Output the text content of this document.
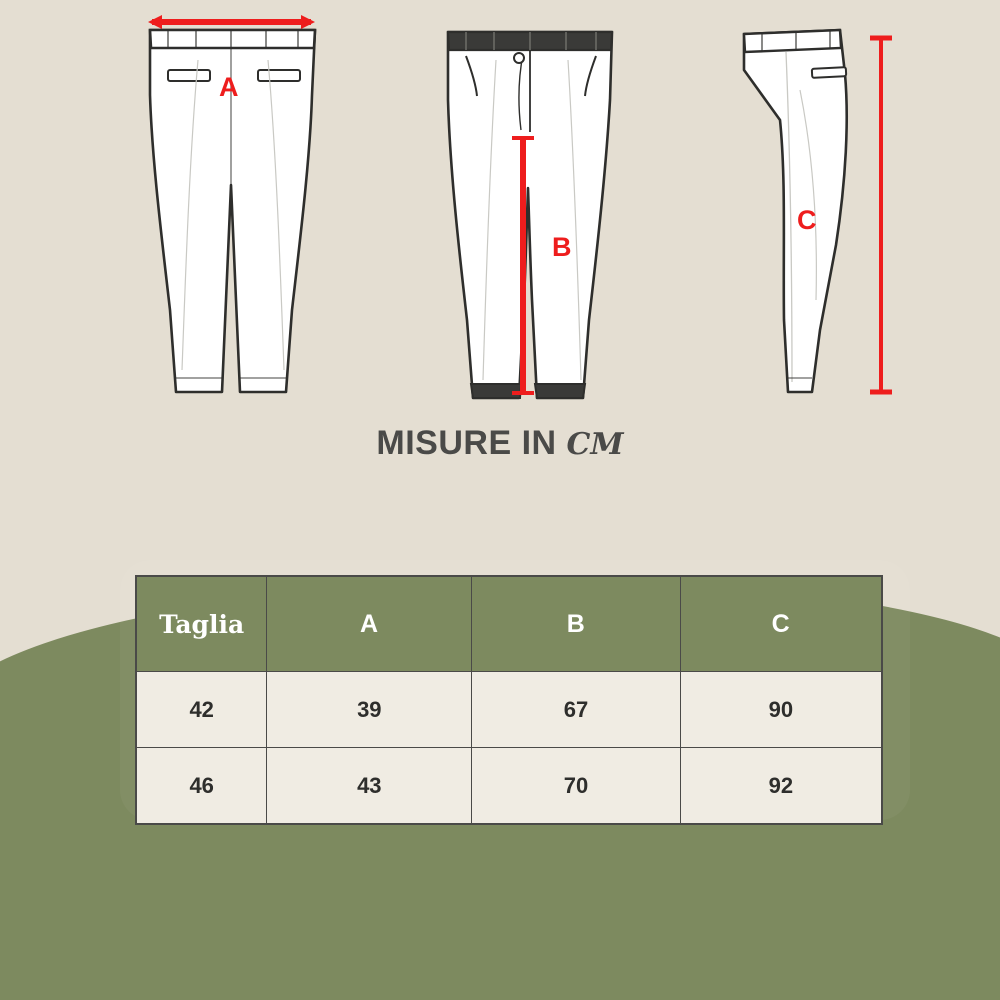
A
B
C
MISURE IN CM
Taglia	A	B	C
42	39	67	90
46	43	70	92
